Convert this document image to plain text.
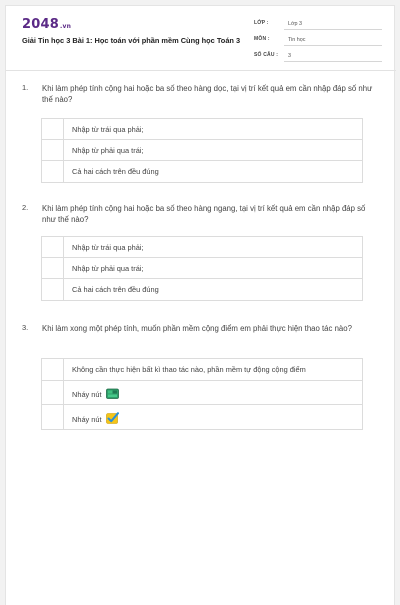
2048.vn
Giải Tin học 3 Bài 1: Học toán với phần mềm Cùng học Toán 3
LỚP :	Lớp 3
MÔN :	Tin học
SỐ CÂU :	3
1. Khi làm phép tính cộng hai hoặc ba số theo hàng dọc, tại vị trí kết quả em cần nhập đáp số như thế nào?
Nhập từ trái qua phải;
Nhập từ phải qua trái;
Cả hai cách trên đều đúng
2. Khi làm phép tính cộng hai hoặc ba số theo hàng ngang, tại vị trí kết quả em cần nhập đáp số như thế nào?
Nhập từ trái qua phải;
Nhập từ phải qua trái;
Cả hai cách trên đều đúng
3. Khi làm xong một phép tính, muốn phần mềm cộng điểm em phải thực hiện thao tác nào?
Không cần thực hiện bất kì thao tác nào, phần mềm tự động cộng điểm
Nháy nút
Nháy nút
